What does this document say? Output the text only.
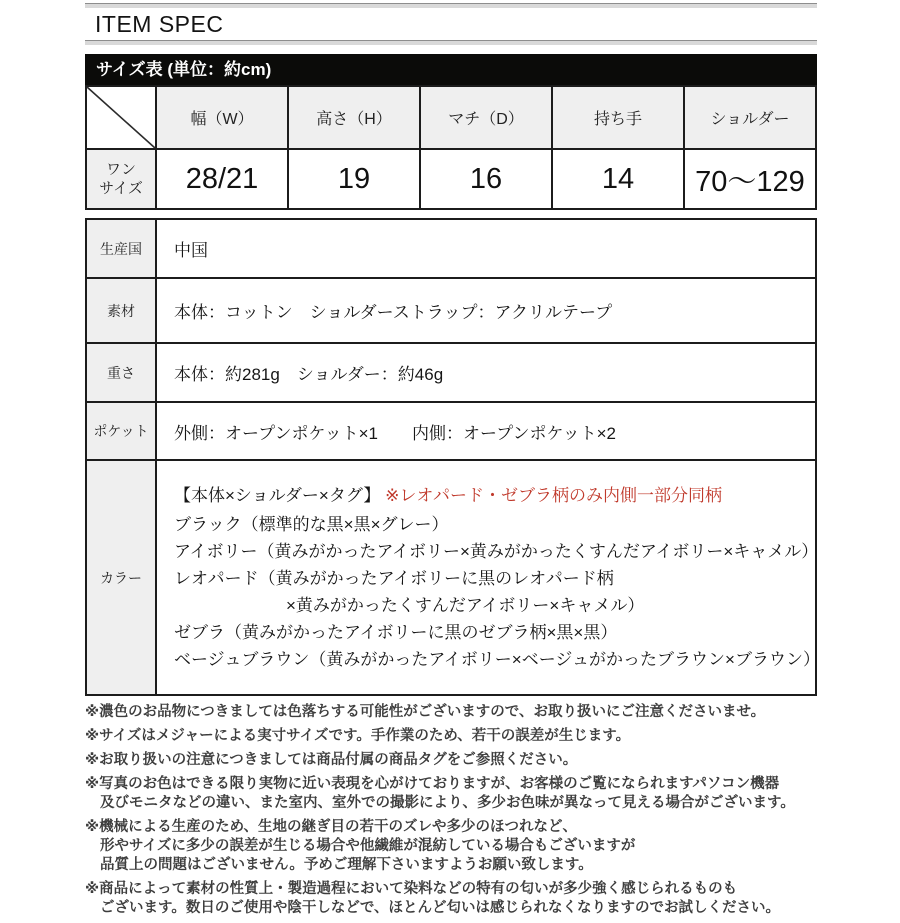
ITEM SPEC
サイズ表 (単位：約cm)
	幅（W）	高さ（H）	マチ（D）	持ち手	ショルダー

ワン
サイズ	28/21	19	16	14	70〜129
生産国	中国
素材	本体：コットン　ショルダーストラップ：アクリルテープ
重さ	本体：約281g　ショルダー：約46g
ポケット	外側：オープンポケット×1　　内側：オープンポケット×2
カラー	
【本体×ショルダー×タグ】 ※レオパード・ゼブラ柄のみ内側一部分同柄
ブラック（標準的な黒×黒×グレー）
アイボリー（黄みがかったアイボリー×黄みがかったくすんだアイボリー×キャメル）
レオパード（黄みがかったアイボリーに黒のレオパード柄
×黄みがかったくすんだアイボリー×キャメル）
ゼブラ（黄みがかったアイボリーに黒のゼブラ柄×黒×黒）
ベージュブラウン（黄みがかったアイボリー×ベージュがかったブラウン×ブラウン）

※濃色のお品物につきましては色落ちする可能性がございますので、お取り扱いにご注意くださいませ。

※サイズはメジャーによる実寸サイズです。手作業のため、若干の誤差が生じます。

※お取り扱いの注意につきましては商品付属の商品タグをご参照ください。

※写真のお色はできる限り実物に近い表現を心がけておりますが、お客様のご覧になられますパソコン機器
及びモニタなどの違い、また室内、室外での撮影により、多少お色味が異なって見える場合がございます。

※機械による生産のため、生地の継ぎ目の若干のズレや多少のほつれなど、
形やサイズに多少の誤差が生じる場合や他繊維が混紡している場合もございますが
品質上の問題はございません。予めご理解下さいますようお願い致します。

※商品によって素材の性質上・製造過程において染料などの特有の匂いが多少強く感じられるものも
ございます。数日のご使用や陰干しなどで、ほとんど匂いは感じられなくなりますのでお試しください。
